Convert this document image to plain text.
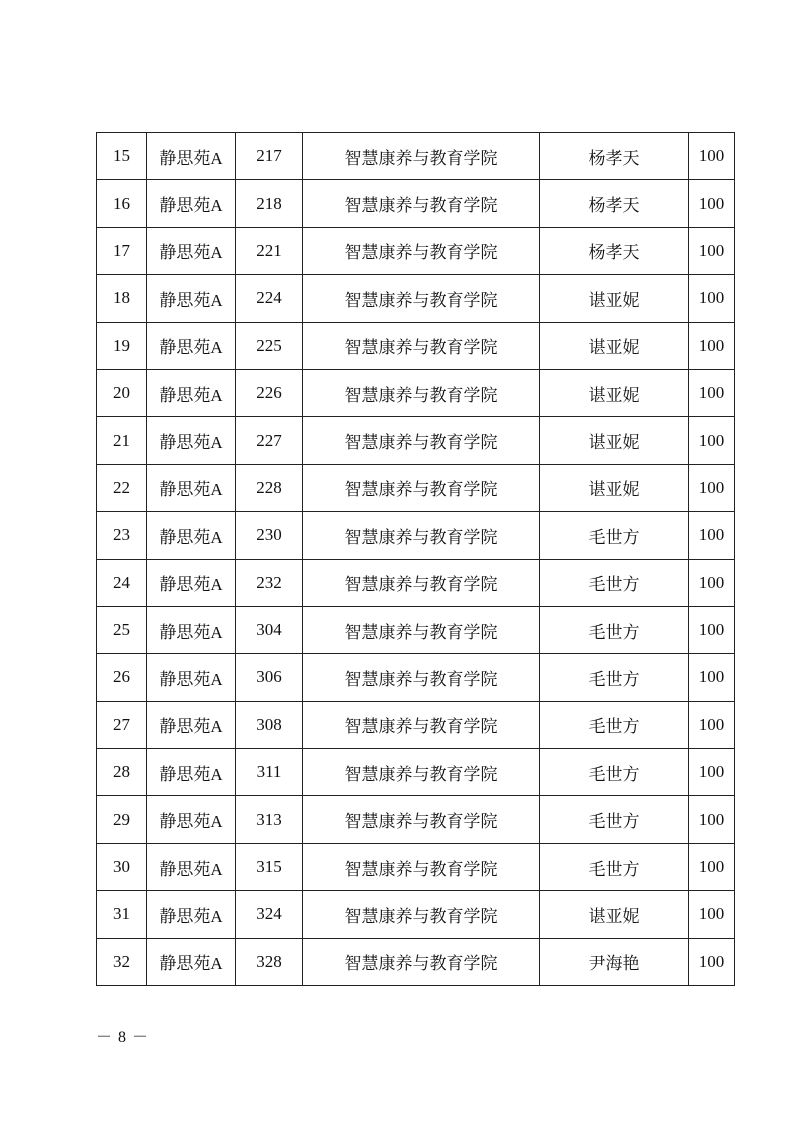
15	静思苑A	217	智慧康养与教育学院	杨孝天	100
16	静思苑A	218	智慧康养与教育学院	杨孝天	100
17	静思苑A	221	智慧康养与教育学院	杨孝天	100
18	静思苑A	224	智慧康养与教育学院	谌亚妮	100
19	静思苑A	225	智慧康养与教育学院	谌亚妮	100
20	静思苑A	226	智慧康养与教育学院	谌亚妮	100
21	静思苑A	227	智慧康养与教育学院	谌亚妮	100
22	静思苑A	228	智慧康养与教育学院	谌亚妮	100
23	静思苑A	230	智慧康养与教育学院	毛世方	100
24	静思苑A	232	智慧康养与教育学院	毛世方	100
25	静思苑A	304	智慧康养与教育学院	毛世方	100
26	静思苑A	306	智慧康养与教育学院	毛世方	100
27	静思苑A	308	智慧康养与教育学院	毛世方	100
28	静思苑A	311	智慧康养与教育学院	毛世方	100
29	静思苑A	313	智慧康养与教育学院	毛世方	100
30	静思苑A	315	智慧康养与教育学院	毛世方	100
31	静思苑A	324	智慧康养与教育学院	谌亚妮	100
32	静思苑A	328	智慧康养与教育学院	尹海艳	100
－ 8 －
